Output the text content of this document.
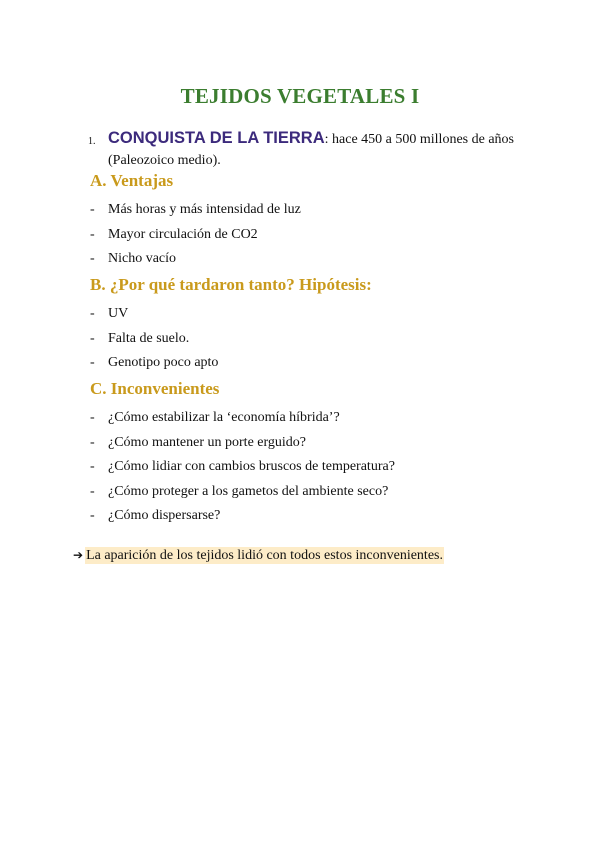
TEJIDOS VEGETALES I
1. CONQUISTA DE LA TIERRA: hace 450 a 500 millones de años (Paleozoico medio).
A. Ventajas
- Más horas y más intensidad de luz
- Mayor circulación de CO2
- Nicho vacío
B. ¿Por qué tardaron tanto? Hipótesis:
- UV
- Falta de suelo.
- Genotipo poco apto
C. Inconvenientes
- ¿Cómo estabilizar la ‘economía híbrida’?
- ¿Cómo mantener un porte erguido?
- ¿Cómo lidiar con cambios bruscos de temperatura?
- ¿Cómo proteger a los gametos del ambiente seco?
- ¿Cómo dispersarse?
➔ La aparición de los tejidos lidió con todos estos inconvenientes.
